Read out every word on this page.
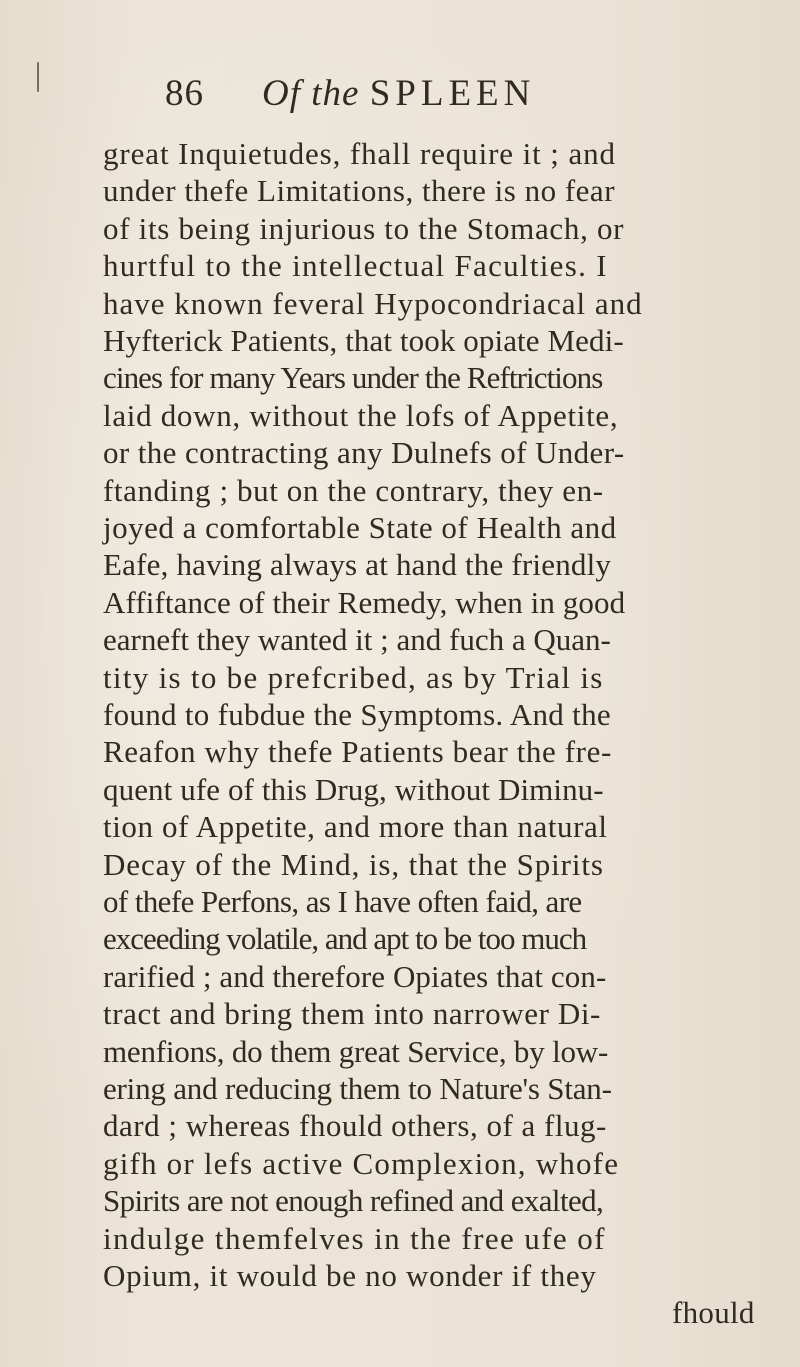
86 Of the SPLEEN
great Inquietudes, fhall require it ; and
under thefe Limitations, there is no fear
of its being injurious to the Stomach, or
hurtful to the intellectual Faculties. I
have known feveral Hypocondriacal and
Hyfterick Patients, that took opiate Medi-
cines for many Years under the Reftrictions
laid down, without the lofs of Appetite,
or the contracting any Dulnefs of Under-
ftanding ; but on the contrary, they en-
joyed a comfortable State of Health and
Eafe, having always at hand the friendly
Affiftance of their Remedy, when in good
earneft they wanted it ; and fuch a Quan-
tity is to be prefcribed, as by Trial is
found to fubdue the Symptoms. And the
Reafon why thefe Patients bear the fre-
quent ufe of this Drug, without Diminu-
tion of Appetite, and more than natural
Decay of the Mind, is, that the Spirits
of thefe Perfons, as I have often faid, are
exceeding volatile, and apt to be too much
rarified ; and therefore Opiates that con-
tract and bring them into narrower Di-
menfions, do them great Service, by low-
ering and reducing them to Nature's Stan-
dard ; whereas fhould others, of a flug-
gifh or lefs active Complexion, whofe
Spirits are not enough refined and exalted,
indulge themfelves in the free ufe of
Opium, it would be no wonder if they
fhould
